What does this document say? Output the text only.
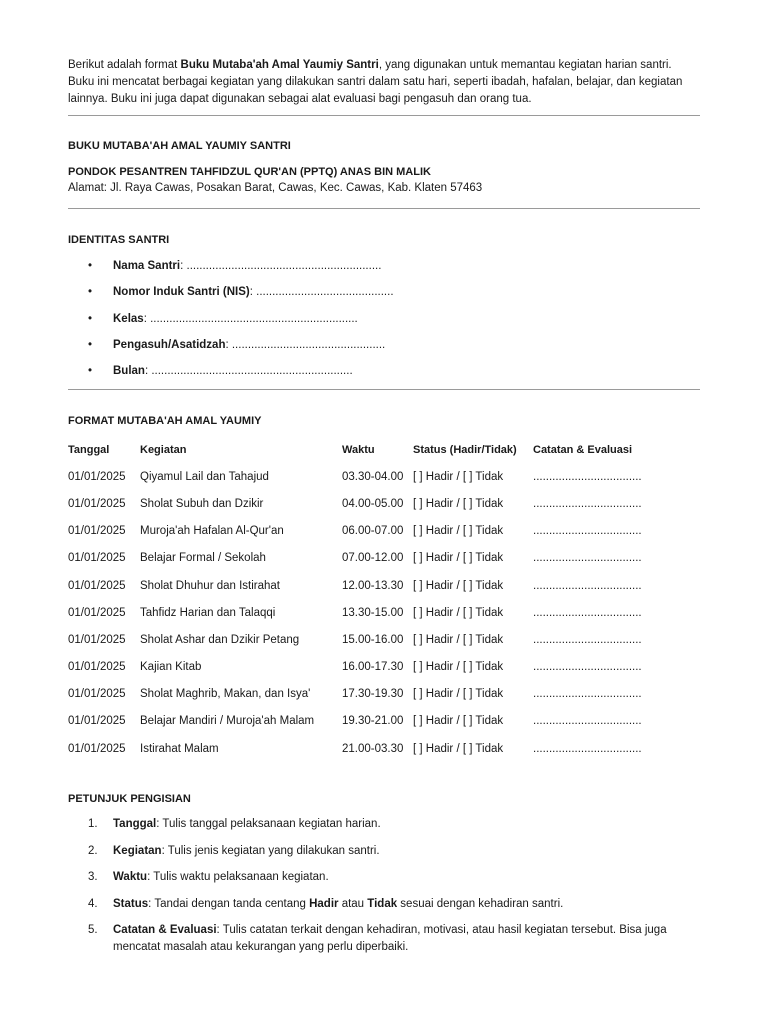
Berikut adalah format Buku Mutaba'ah Amal Yaumiy Santri, yang digunakan untuk memantau kegiatan harian santri. Buku ini mencatat berbagai kegiatan yang dilakukan santri dalam satu hari, seperti ibadah, hafalan, belajar, dan kegiatan lainnya. Buku ini juga dapat digunakan sebagai alat evaluasi bagi pengasuh dan orang tua.

BUKU MUTABA'AH AMAL YAUMIY SANTRI
PONDOK PESANTREN TAHFIDZUL QUR'AN (PPTQ) ANAS BIN MALIK
Alamat: Jl. Raya Cawas, Posakan Barat, Cawas, Kec. Cawas, Kab. Klaten 57463
IDENTITAS SANTRI
• Nama Santri: .............................................................
• Nomor Induk Santri (NIS): ...........................................
• Kelas: .................................................................
• Pengasuh/Asatidzah: ................................................
• Bulan: ...............................................................
FORMAT MUTABA'AH AMAL YAUMIY
Tanggal	Kegiatan	Waktu	Status (Hadir/Tidak)	Catatan & Evaluasi
01/01/2025	Qiyamul Lail dan Tahajud	03.30-04.00	[ ] Hadir / [ ] Tidak	..................................
01/01/2025	Sholat Subuh dan Dzikir	04.00-05.00	[ ] Hadir / [ ] Tidak	..................................
01/01/2025	Muroja'ah Hafalan Al-Qur'an	06.00-07.00	[ ] Hadir / [ ] Tidak	..................................
01/01/2025	Belajar Formal / Sekolah	07.00-12.00	[ ] Hadir / [ ] Tidak	..................................
01/01/2025	Sholat Dhuhur dan Istirahat	12.00-13.30	[ ] Hadir / [ ] Tidak	..................................
01/01/2025	Tahfidz Harian dan Talaqqi	13.30-15.00	[ ] Hadir / [ ] Tidak	..................................
01/01/2025	Sholat Ashar dan Dzikir Petang	15.00-16.00	[ ] Hadir / [ ] Tidak	..................................
01/01/2025	Kajian Kitab	16.00-17.30	[ ] Hadir / [ ] Tidak	..................................
01/01/2025	Sholat Maghrib, Makan, dan Isya'	17.30-19.30	[ ] Hadir / [ ] Tidak	..................................
01/01/2025	Belajar Mandiri / Muroja'ah Malam	19.30-21.00	[ ] Hadir / [ ] Tidak	..................................
01/01/2025	Istirahat Malam	21.00-03.30	[ ] Hadir / [ ] Tidak	..................................
PETUNJUK PENGISIAN
1. Tanggal: Tulis tanggal pelaksanaan kegiatan harian.
2. Kegiatan: Tulis jenis kegiatan yang dilakukan santri.
3. Waktu: Tulis waktu pelaksanaan kegiatan.
4. Status: Tandai dengan tanda centang Hadir atau Tidak sesuai dengan kehadiran santri.
5. Catatan & Evaluasi: Tulis catatan terkait dengan kehadiran, motivasi, atau hasil kegiatan tersebut. Bisa juga mencatat masalah atau kekurangan yang perlu diperbaiki.
